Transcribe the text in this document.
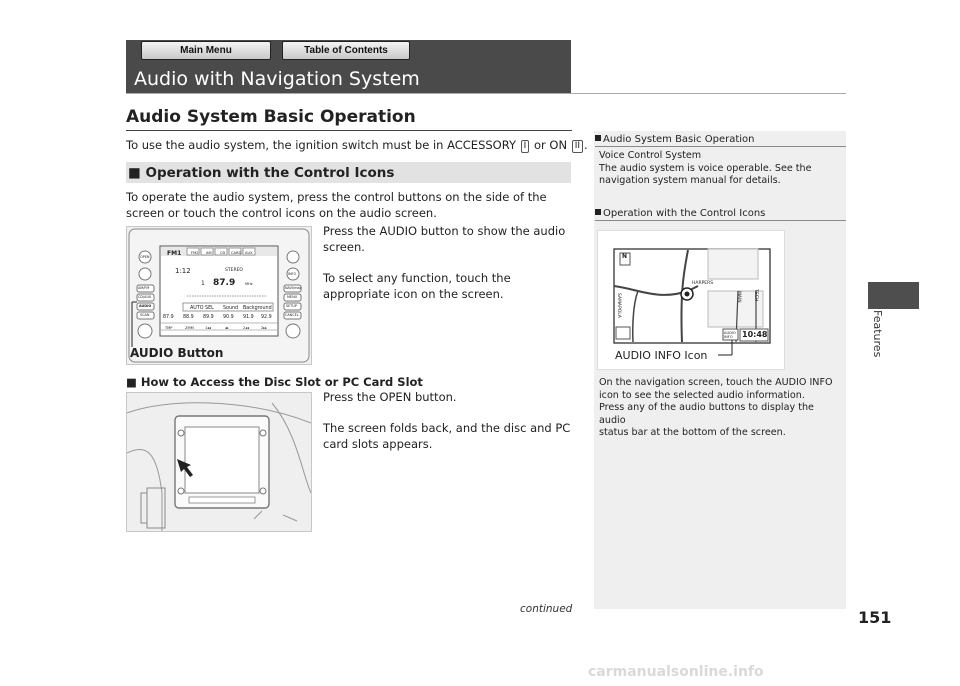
Main Menu	Table of Contents
Audio with Navigation System
Audio System Basic Operation
To use the audio system, the ignition switch must be in ACCESSORY I or ON II .
■ Operation with the Control Icons
To operate the audio system, press the control buttons on the side of the screen or touch the control icons on the audio screen.
FM1	FM2 AM CD CARD AUX
1:12	STEREO
1 87.9	MHz
AUTO SEL Sound Background
87.9 88.9 89.9 90.9 91.9 92.9
TMP	ZMM	1◂◂	◂▸	2◂◂	2▸▸
OPEN
AM/FM
CD/AUX
AUDIO
SCAN
INFO
NAVI/map
MENU
SETUP
CANCEL
AUDIO Button
Press the AUDIO button to show the audio screen.
To select any function, touch the appropriate icon on the screen.
■ How to Access the Disc Slot or PC Card Slot
Press the OPEN button.
The screen folds back, and the disc and PC card slots appears.
Audio System Basic Operation
Voice Control System
The audio system is voice operable. See the
navigation system manual for details.
Operation with the Control Icons
N
HARPERS
MAIN	TECH
SAMAPOLA
AUDIO INFO	10:48
AUDIO INFO Icon
On the navigation screen, touch the AUDIO INFO
icon to see the selected audio information.
Press any of the audio buttons to display the audio
status bar at the bottom of the screen.
Features
continued	151
carmanualsonline.info
